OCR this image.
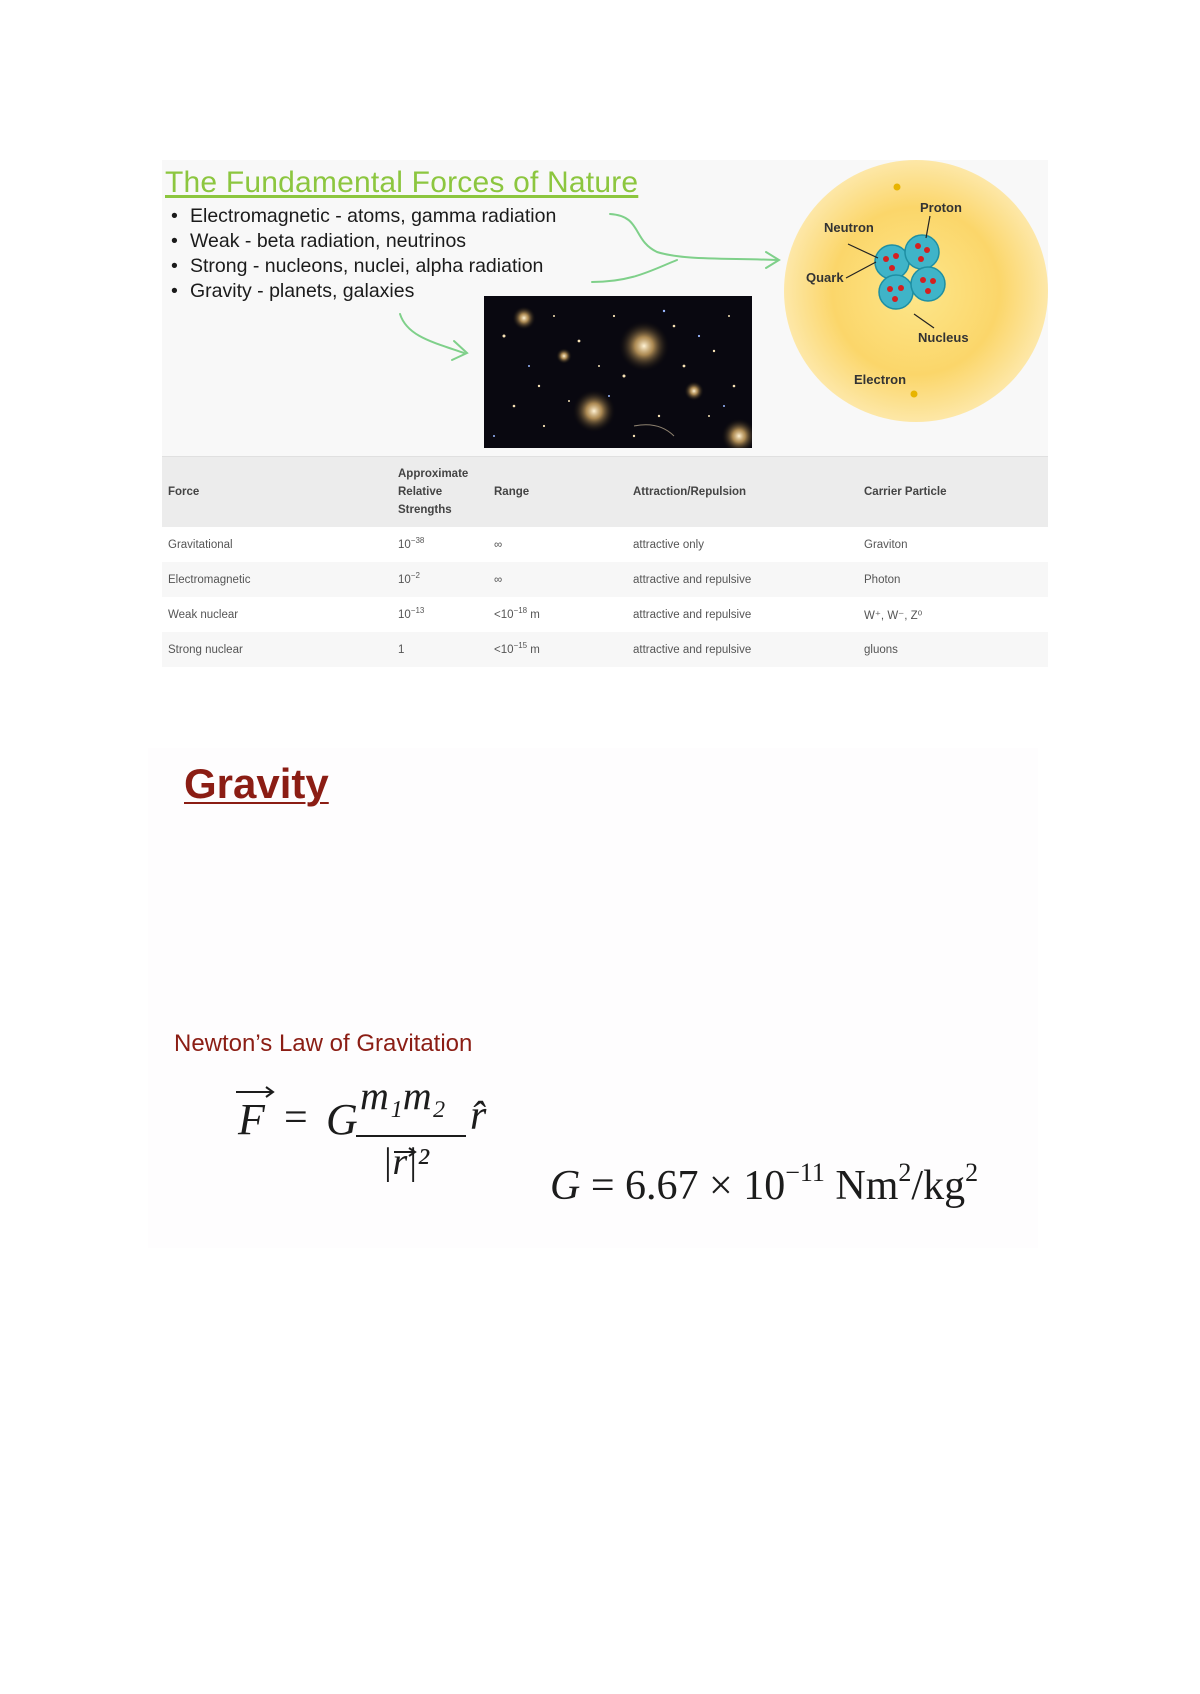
The Fundamental Forces of Nature
• Electromagnetic - atoms, gamma radiation
• Weak - beta radiation, neutrinos
• Strong - nucleons, nuclei, alpha radiation
• Gravity - planets, galaxies
Proton
Neutron
Quark
Nucleus
Electron
Force	Approximate Relative Strengths	Range	Attraction/Repulsion	Carrier Particle
Gravitational	$10^{-38}$	∞	attractive only	Graviton
Electromagnetic	$10^{-2}$	∞	attractive and repulsive	Photon
Weak nuclear	$10^{-13}$	$<10^{-18}$ m	attractive and repulsive	W⁺, W⁻, Z⁰
Strong nuclear	1	$<10^{-15}$ m	attractive and repulsive	gluons
Gravity
Newton’s Law of Gravitation
F = G m₁m₂
|r|²
r̂
$G = 6.67 \times 10^{-11}$ $Nm^2/kg^2$
